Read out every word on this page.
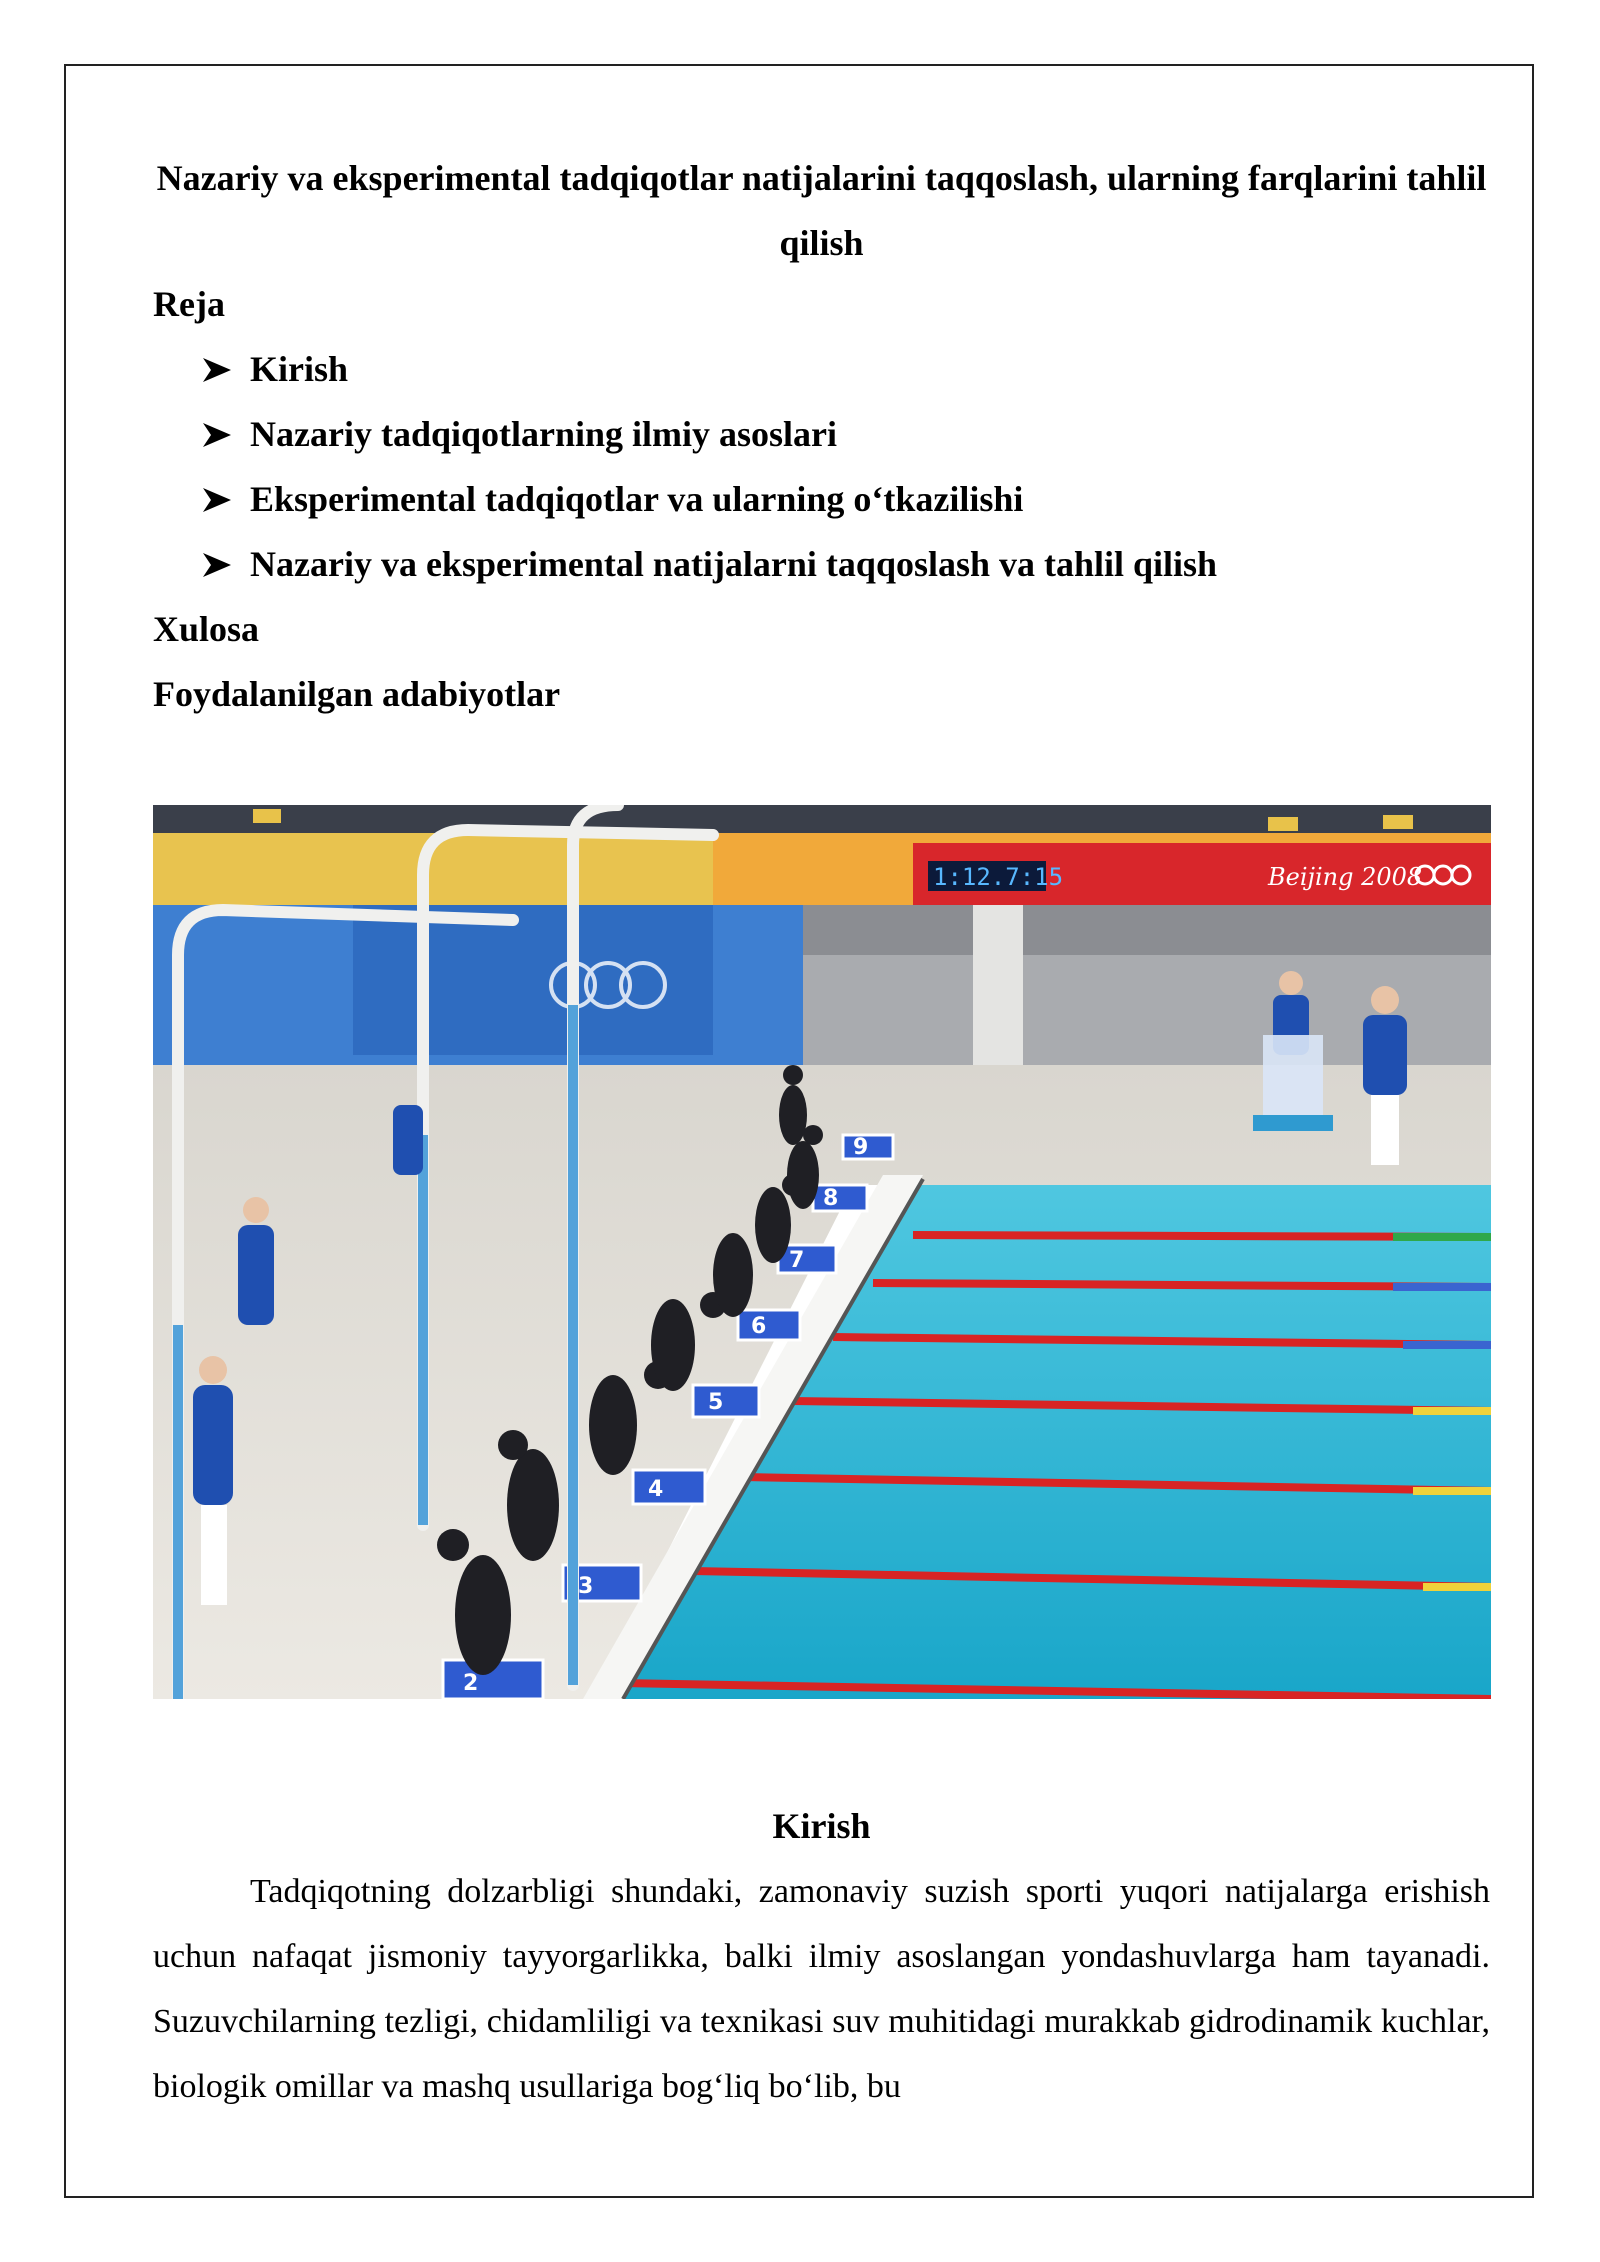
Nazariy va eksperimental tadqiqotlar natijalarini taqqoslash, ularning farqlarini tahlil qilish

Reja

Kirish
Nazariy tadqiqotlarning ilmiy asoslari
Eksperimental tadqiqotlar va ularning o‘tkazilishi
Nazariy va eksperimental natijalarni taqqoslash va tahlil qilish

Xulosa

Foydalanilgan adabiyotlar

1:12.7:15	Beijing 2008
2
3
4
5
6
7
8
9
Kirish

Tadqiqotning dolzarbligi shundaki, zamonaviy suzish sporti yuqori natijalarga erishish uchun nafaqat jismoniy tayyorgarlikka, balki ilmiy asoslangan yondashuvlarga ham tayanadi. Suzuvchilarning tezligi, chidamliligi va texnikasi suv muhitidagi murakkab gidrodinamik kuchlar, biologik omillar va mashq usullariga bog‘liq bo‘lib, bu
